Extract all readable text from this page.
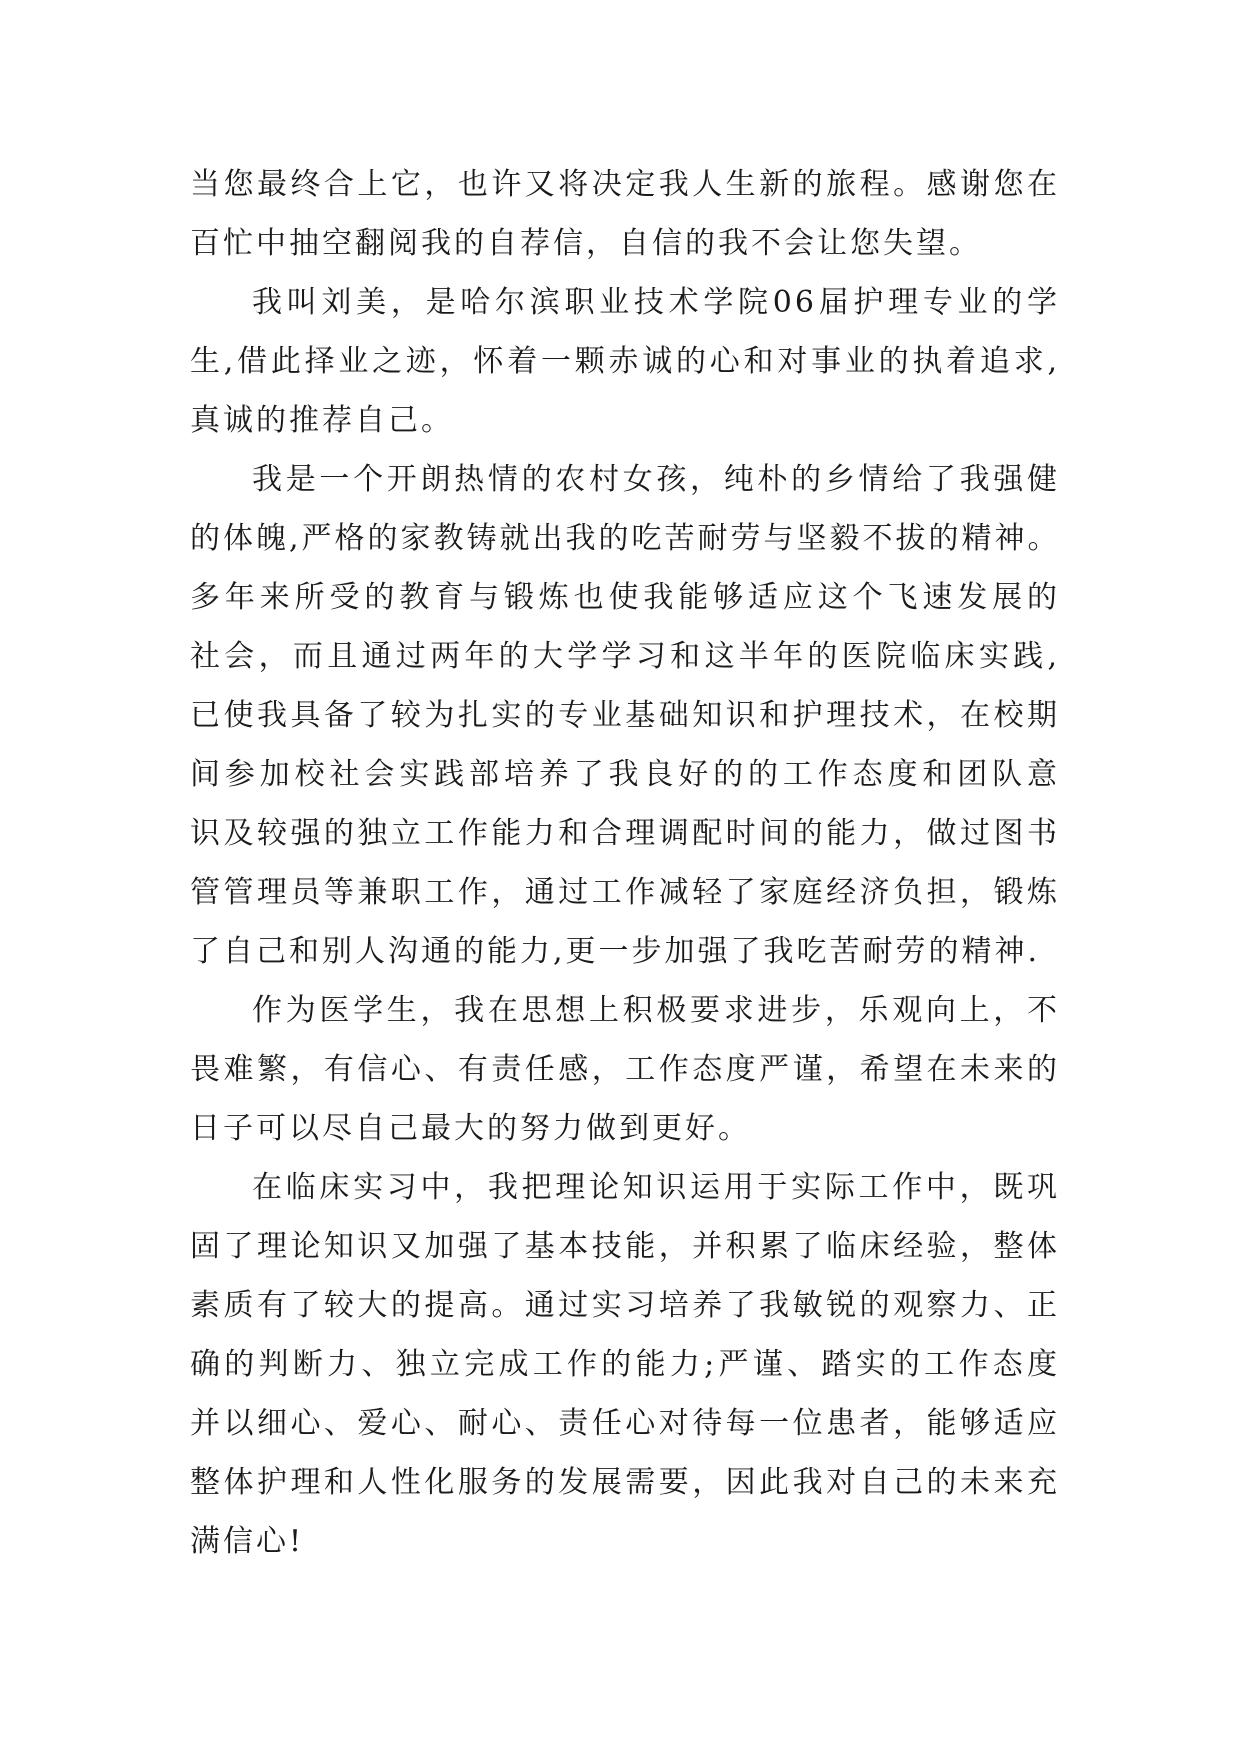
当您最终合上它，也许又将决定我人生新的旅程。感谢您在
百忙中抽空翻阅我的自荐信，自信的我不会让您失望。
我叫刘美，是哈尔滨职业技术学院06届护理专业的学
生,借此择业之迹，怀着一颗赤诚的心和对事业的执着追求,
真诚的推荐自己。
我是一个开朗热情的农村女孩，纯朴的乡情给了我强健
的体魄,严格的家教铸就出我的吃苦耐劳与坚毅不拔的精神。
多年来所受的教育与锻炼也使我能够适应这个飞速发展的
社会，而且通过两年的大学学习和这半年的医院临床实践,
已使我具备了较为扎实的专业基础知识和护理技术，在校期
间参加校社会实践部培养了我良好的的工作态度和团队意
识及较强的独立工作能力和合理调配时间的能力，做过图书
管管理员等兼职工作，通过工作减轻了家庭经济负担，锻炼
了自己和别人沟通的能力,更一步加强了我吃苦耐劳的精神.
作为医学生，我在思想上积极要求进步，乐观向上，不
畏难繁，有信心、有责任感，工作态度严谨，希望在未来的
日子可以尽自己最大的努力做到更好。
在临床实习中，我把理论知识运用于实际工作中，既巩
固了理论知识又加强了基本技能，并积累了临床经验，整体
素质有了较大的提高。通过实习培养了我敏锐的观察力、正
确的判断力、独立完成工作的能力;严谨、踏实的工作态度
并以细心、爱心、耐心、责任心对待每一位患者，能够适应
整体护理和人性化服务的发展需要，因此我对自己的未来充
满信心!
